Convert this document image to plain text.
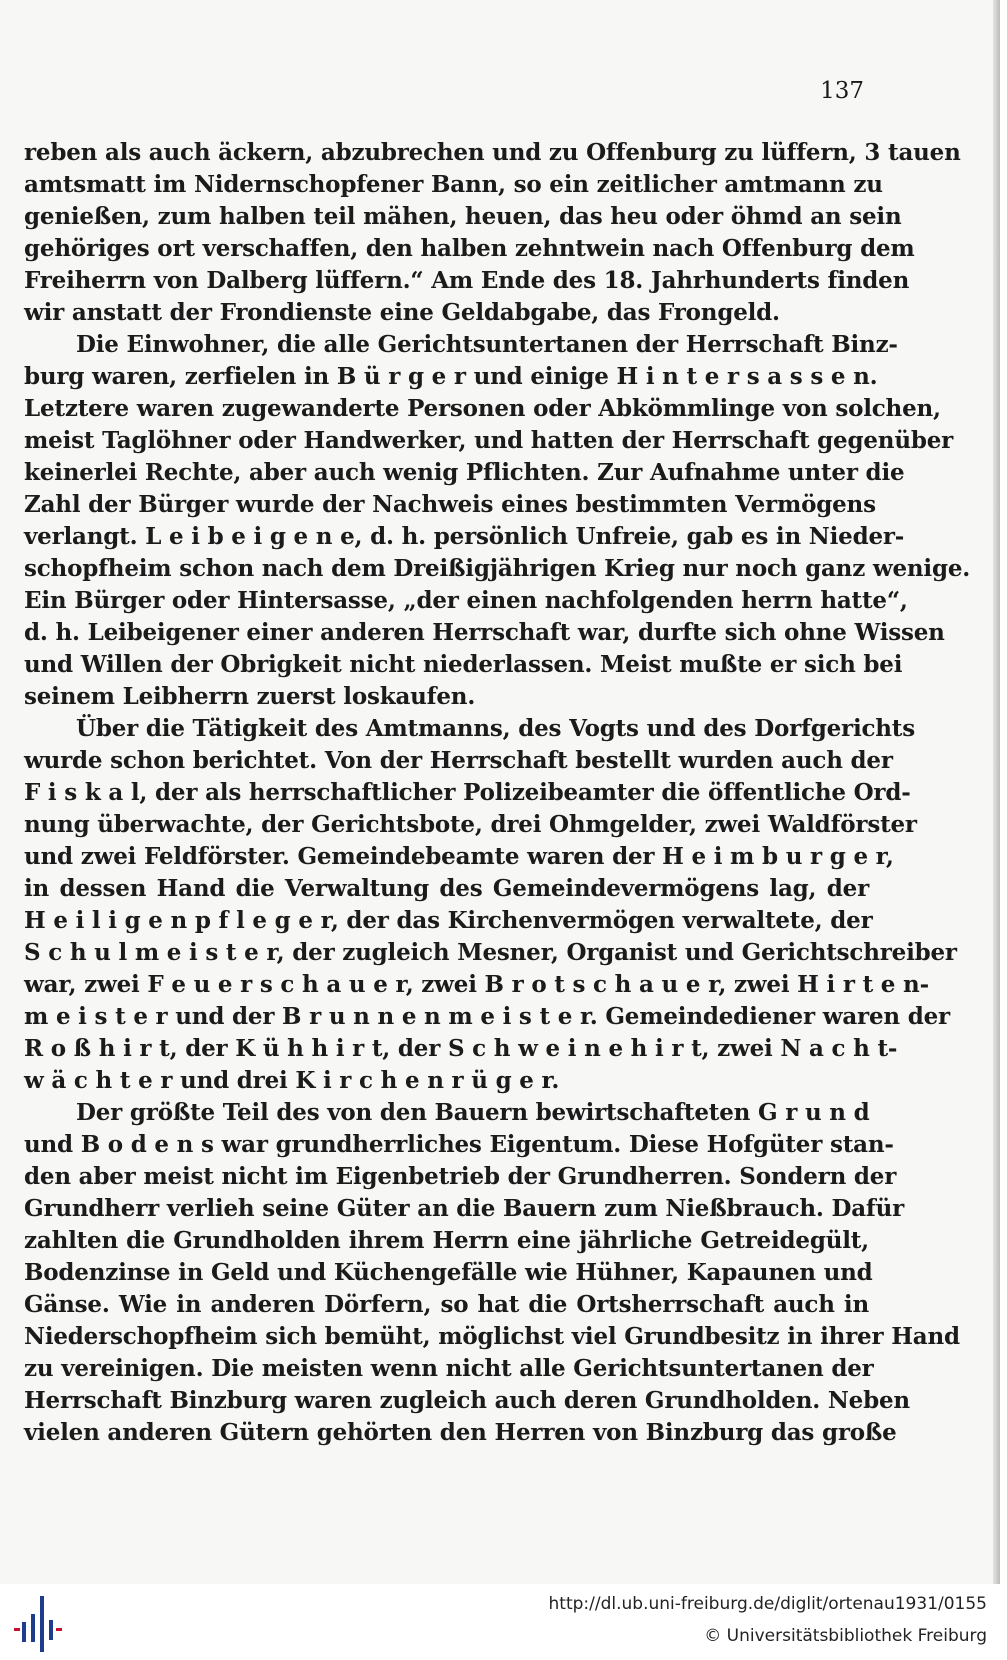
137
reben als auch äckern, abzubrechen und zu Offenburg zu lüffern, 3 tauen
amtsmatt im Nidernschopfener Bann, so ein zeitlicher amtmann zu
genießen, zum halben teil mähen, heuen, das heu oder öhmd an sein
gehöriges ort verschaffen, den halben zehntwein nach Offenburg dem
Freiherrn von Dalberg lüffern.“ Am Ende des 18. Jahrhunderts finden
wir anstatt der Frondienste eine Geldabgabe, das Frongeld.
Die Einwohner, die alle Gerichtsuntertanen der Herrschaft Binz-
burg waren, zerfielen in B ü r g e r und einige H i n t e r s a s s e n.
Letztere waren zugewanderte Personen oder Abkömmlinge von solchen,
meist Taglöhner oder Handwerker, und hatten der Herrschaft gegenüber
keinerlei Rechte, aber auch wenig Pflichten. Zur Aufnahme unter die
Zahl der Bürger wurde der Nachweis eines bestimmten Vermögens
verlangt. L e i b e i g e n e, d. h. persönlich Unfreie, gab es in Nieder-
schopfheim schon nach dem Dreißigjährigen Krieg nur noch ganz wenige.
Ein Bürger oder Hintersasse, „der einen nachfolgenden herrn hatte“,
d. h. Leibeigener einer anderen Herrschaft war, durfte sich ohne Wissen
und Willen der Obrigkeit nicht niederlassen. Meist mußte er sich bei
seinem Leibherrn zuerst loskaufen.
Über die Tätigkeit des Amtmanns, des Vogts und des Dorfgerichts
wurde schon berichtet. Von der Herrschaft bestellt wurden auch der
F i s k a l, der als herrschaftlicher Polizeibeamter die öffentliche Ord-
nung überwachte, der Gerichtsbote, drei Ohmgelder, zwei Waldförster
und zwei Feldförster. Gemeindebeamte waren der H e i m b u r g e r,
in dessen Hand die Verwaltung des Gemeindevermögens lag, der
H e i l i g e n p f l e g e r, der das Kirchenvermögen verwaltete, der
S c h u l m e i s t e r, der zugleich Mesner, Organist und Gerichtschreiber
war, zwei F e u e r s c h a u e r, zwei B r o t s c h a u e r, zwei H i r t e n-
m e i s t e r und der B r u n n e n m e i s t e r. Gemeindediener waren der
R o ß h i r t, der K ü h h i r t, der S c h w e i n e h i r t, zwei N a c h t-
w ä c h t e r und drei K i r c h e n r ü g e r.
Der größte Teil des von den Bauern bewirtschafteten G r u n d
und B o d e n s war grundherrliches Eigentum. Diese Hofgüter stan-
den aber meist nicht im Eigenbetrieb der Grundherren. Sondern der
Grundherr verlieh seine Güter an die Bauern zum Nießbrauch. Dafür
zahlten die Grundholden ihrem Herrn eine jährliche Getreidegült,
Bodenzinse in Geld und Küchengefälle wie Hühner, Kapaunen und
Gänse. Wie in anderen Dörfern, so hat die Ortsherrschaft auch in
Niederschopfheim sich bemüht, möglichst viel Grundbesitz in ihrer Hand
zu vereinigen. Die meisten wenn nicht alle Gerichtsuntertanen der
Herrschaft Binzburg waren zugleich auch deren Grundholden. Neben
vielen anderen Gütern gehörten den Herren von Binzburg das große
http://dl.ub.uni-freiburg.de/diglit/ortenau1931/0155
© Universitätsbibliothek Freiburg
